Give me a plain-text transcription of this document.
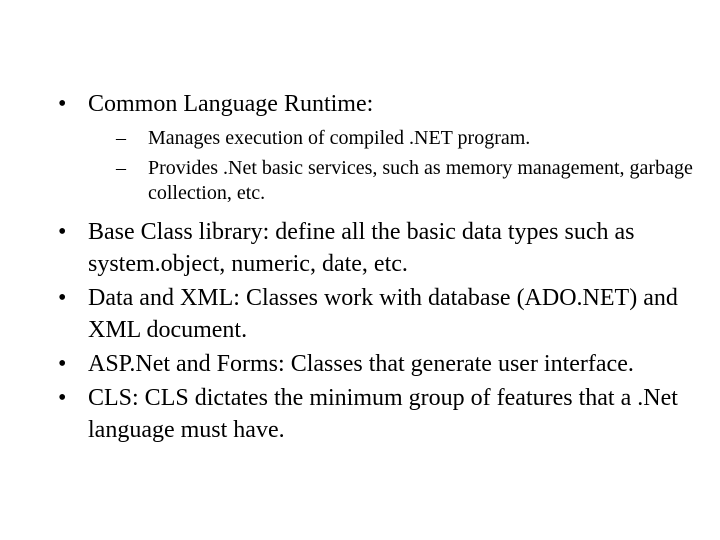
• Common Language Runtime:
–	Manages execution of compiled .NET program.
–	Provides .Net basic services, such as memory management, garbage collection, etc.
• Base Class library: define all the basic data types such as system.object, numeric, date, etc.
• Data and XML: Classes work with database (ADO.NET) and XML document.
• ASP.Net and Forms: Classes that generate user interface.
• CLS: CLS dictates the minimum group of features that a .Net language must have.
